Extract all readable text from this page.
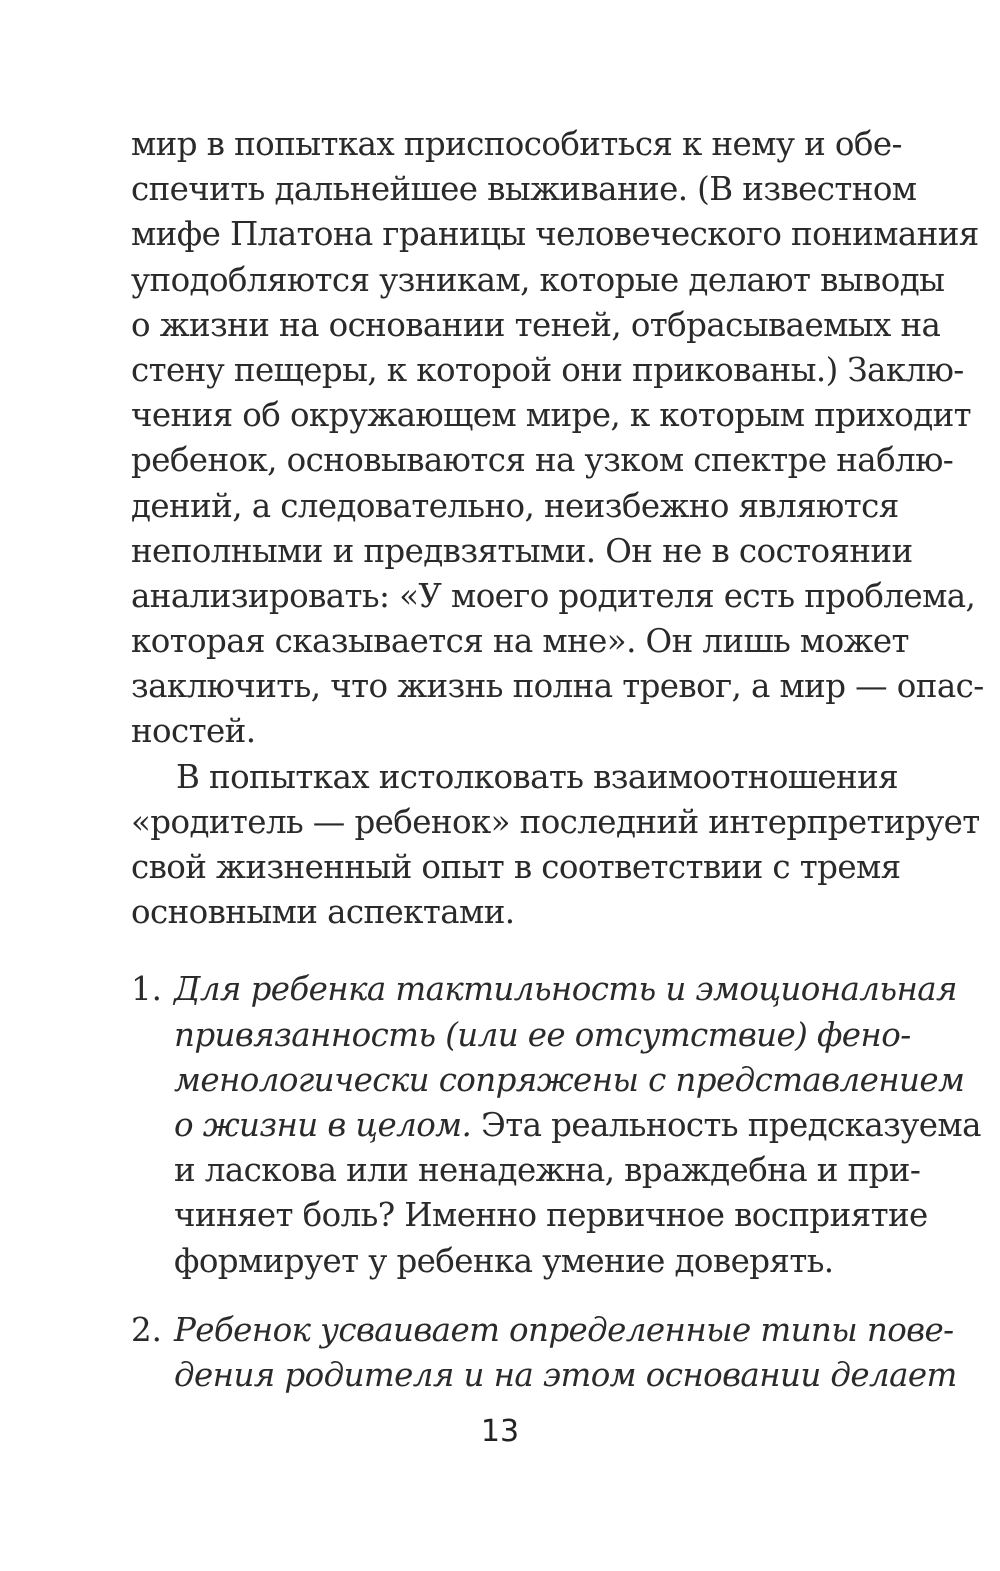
мир в попытках приспособиться к нему и обе-
спечить дальнейшее выживание. (В известном
мифе Платона границы человеческого понимания
уподобляются узникам, которые делают выводы
о жизни на основании теней, отбрасываемых на
стену пещеры, к которой они прикованы.) Заклю-
чения об окружающем мире, к которым приходит
ребенок, основываются на узком спектре наблю-
дений, а следовательно, неизбежно являются
неполными и предвзятыми. Он не в состоянии
анализировать: «У моего родителя есть проблема,
которая сказывается на мне». Он лишь может
заключить, что жизнь полна тревог, а мир — опас-
ностей.
В попытках истолковать взаимоотношения
«родитель — ребенок» последний интерпретирует
свой жизненный опыт в соответствии с тремя
основными аспектами.
1. Для ребенка тактильность и эмоциональная
привязанность (или ее отсутствие) фено-
менологически сопряжены с представлением
о жизни в целом. Эта реальность предсказуема
и ласкова или ненадежна, враждебна и при-
чиняет боль? Именно первичное восприятие
формирует у ребенка умение доверять.
2. Ребенок усваивает определенные типы пове-
дения родителя и на этом основании делает
13
